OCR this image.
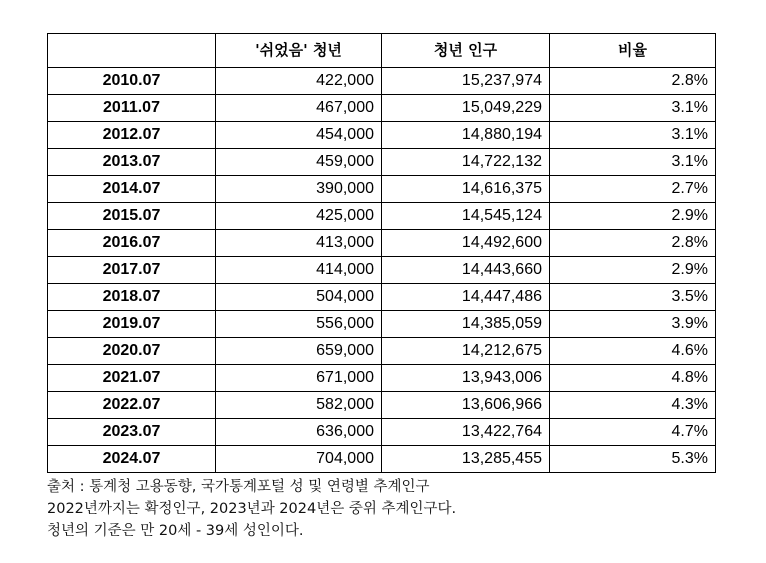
	'쉬었음' 청년	청년 인구	비율
2010.07	422,000	15,237,974	2.8%
2011.07	467,000	15,049,229	3.1%
2012.07	454,000	14,880,194	3.1%
2013.07	459,000	14,722,132	3.1%
2014.07	390,000	14,616,375	2.7%
2015.07	425,000	14,545,124	2.9%
2016.07	413,000	14,492,600	2.8%
2017.07	414,000	14,443,660	2.9%
2018.07	504,000	14,447,486	3.5%
2019.07	556,000	14,385,059	3.9%
2020.07	659,000	14,212,675	4.6%
2021.07	671,000	13,943,006	4.8%
2022.07	582,000	13,606,966	4.3%
2023.07	636,000	13,422,764	4.7%
2024.07	704,000	13,285,455	5.3%
출처 : 통계청 고용동향, 국가통계포털 성 및 연령별 추계인구
2022년까지는 확정인구, 2023년과 2024년은 중위 추계인구다.
청년의 기준은 만 20세 - 39세 성인이다.
